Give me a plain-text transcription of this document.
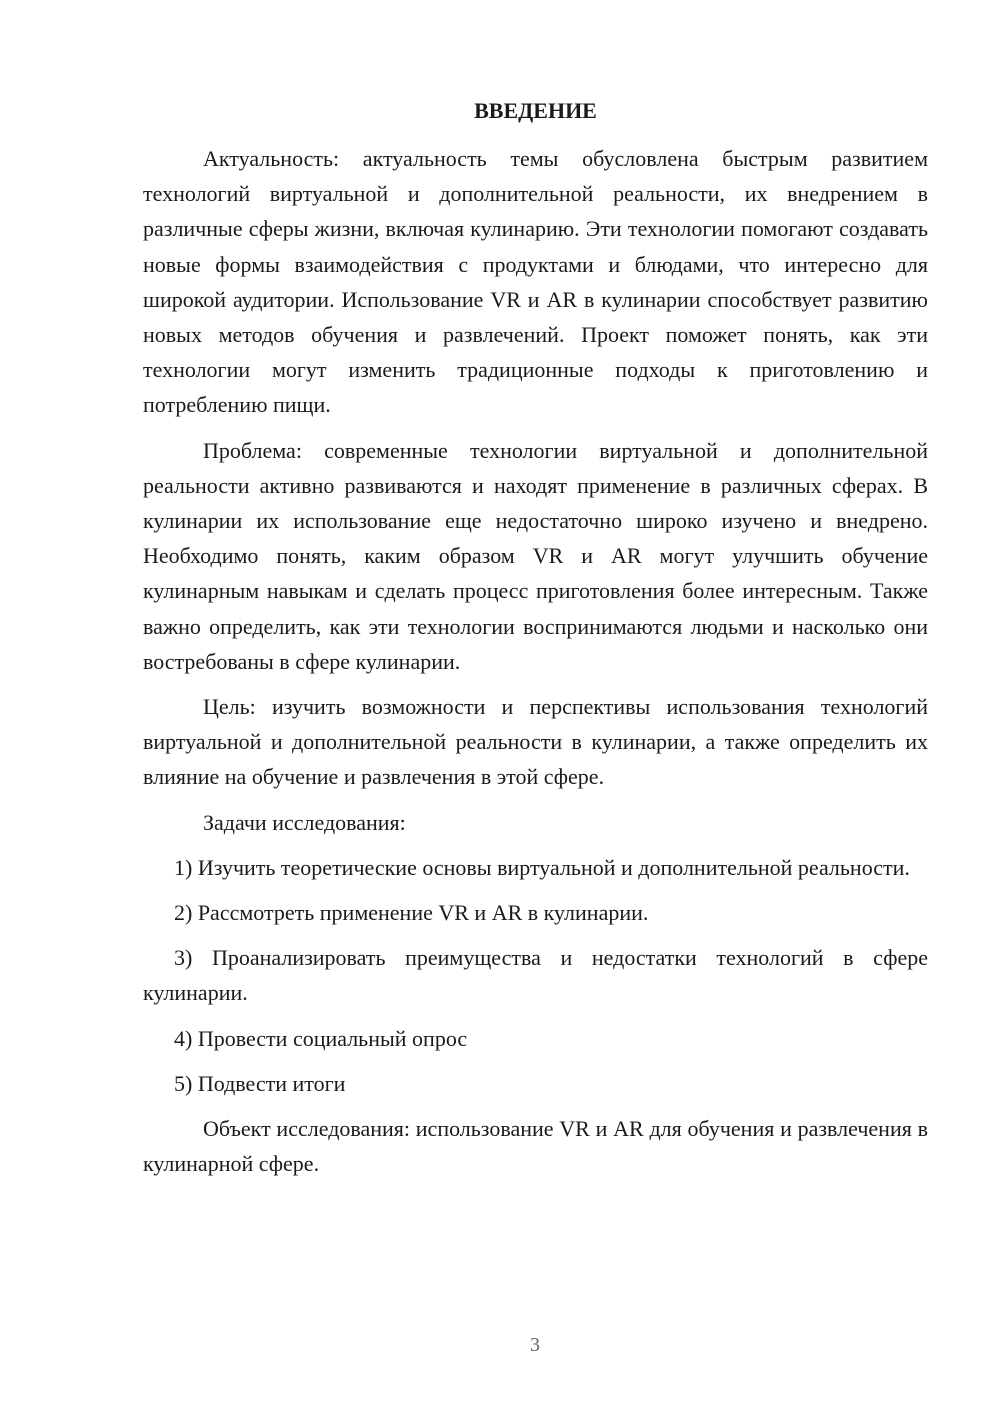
ВВЕДЕНИЕ

Актуальность: актуальность темы обусловлена быстрым развитием технологий виртуальной и дополнительной реальности, их внедрением в различные сферы жизни, включая кулинарию. Эти технологии помогают создавать новые формы взаимодействия с продуктами и блюдами, что интересно для широкой аудитории. Использование VR и AR в кулинарии способствует развитию новых методов обучения и развлечений. Проект поможет понять, как эти технологии могут изменить традиционные подходы к приготовлению и потреблению пищи.

Проблема: современные технологии виртуальной и дополнительной реальности активно развиваются и находят применение в различных сферах. В кулинарии их использование еще недостаточно широко изучено и внедрено. Необходимо понять, каким образом VR и AR могут улучшить обучение кулинарным навыкам и сделать процесс приготовления более интересным. Также важно определить, как эти технологии воспринимаются людьми и насколько они востребованы в сфере кулинарии.

Цель: изучить возможности и перспективы использования технологий виртуальной и дополнительной реальности в кулинарии, а также определить их влияние на обучение и развлечения в этой сфере.

Задачи исследования:

1) Изучить теоретические основы виртуальной и дополнительной реальности.

2) Рассмотреть применение VR и AR в кулинарии.

3) Проанализировать преимущества и недостатки технологий в сфере кулинарии.

4) Провести социальный опрос

5) Подвести итоги

Объект исследования: использование VR и AR для обучения и развлечения в кулинарной сфере.

3
